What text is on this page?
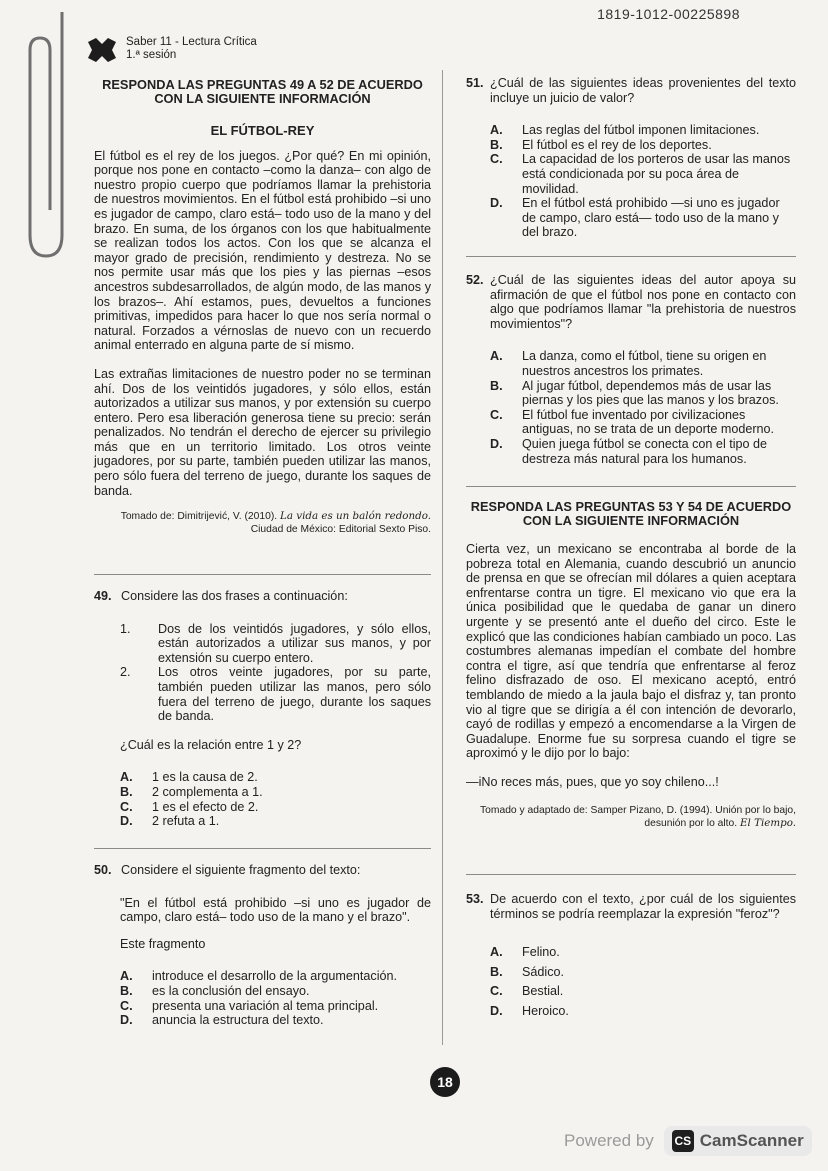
1819-1012-00225898
Saber 11 - Lectura Crítica
1.ª sesión
RESPONDA LAS PREGUNTAS 49 A 52 DE ACUERDO CON LA SIGUIENTE INFORMACIÓN
EL FÚTBOL-REY

El fútbol es el rey de los juegos. ¿Por qué? En mi opinión, porque nos pone en contacto –como la danza– con algo de nuestro propio cuerpo que podríamos llamar la prehistoria de nuestros movimientos. En el fútbol está prohibido –si uno es jugador de campo, claro está– todo uso de la mano y del brazo. En suma, de los órganos con los que habitualmente se realizan todos los actos. Con los que se alcanza el mayor grado de precisión, rendimiento y destreza. No se nos permite usar más que los pies y las piernas –esos ancestros subdesarrollados, de algún modo, de las manos y los brazos–. Ahí estamos, pues, devueltos a funciones primitivas, impedidos para hacer lo que nos sería normal o natural. Forzados a vérnoslas de nuevo con un recuerdo animal enterrado en alguna parte de sí mismo.

Las extrañas limitaciones de nuestro poder no se terminan ahí. Dos de los veintidós jugadores, y sólo ellos, están autorizados a utilizar sus manos, y por extensión su cuerpo entero. Pero esa liberación generosa tiene su precio: serán penalizados. No tendrán el derecho de ejercer su privilegio más que en un territorio limitado. Los otros veinte jugadores, por su parte, también pueden utilizar las manos, pero sólo fuera del terreno de juego, durante los saques de banda.

Tomado de: Dimitrijević, V. (2010). La vida es un balón redondo. Ciudad de México: Editorial Sexto Piso.
49. Considere las dos frases a continuación:
1.	Dos de los veintidós jugadores, y sólo ellos, están autorizados a utilizar sus manos, y por extensión su cuerpo entero.
2.	Los otros veinte jugadores, por su parte, también pueden utilizar las manos, pero sólo fuera del terreno de juego, durante los saques de banda.
¿Cuál es la relación entre 1 y 2?
A.	1 es la causa de 2.
B.	2 complementa a 1.
C.	1 es el efecto de 2.
D.	2 refuta a 1.
50. Considere el siguiente fragmento del texto:

"En el fútbol está prohibido –si uno es jugador de campo, claro está– todo uso de la mano y el brazo".

Este fragmento
A.	introduce el desarrollo de la argumentación.
B.	es la conclusión del ensayo.
C.	presenta una variación al tema principal.
D.	anuncia la estructura del texto.
51. ¿Cuál de las siguientes ideas provenientes del texto incluye un juicio de valor?

A.	Las reglas del fútbol imponen limitaciones.
B.	El fútbol es el rey de los deportes.
C.	La capacidad de los porteros de usar las manos está condicionada por su poca área de movilidad.
D.	En el fútbol está prohibido —si uno es jugador de campo, claro está— todo uso de la mano y del brazo.
52. ¿Cuál de las siguientes ideas del autor apoya su afirmación de que el fútbol nos pone en contacto con algo que podríamos llamar "la prehistoria de nuestros movimientos"?

A.	La danza, como el fútbol, tiene su origen en nuestros ancestros los primates.
B.	Al jugar fútbol, dependemos más de usar las piernas y los pies que las manos y los brazos.
C.	El fútbol fue inventado por civilizaciones antiguas, no se trata de un deporte moderno.
D.	Quien juega fútbol se conecta con el tipo de destreza más natural para los humanos.
RESPONDA LAS PREGUNTAS 53 Y 54 DE ACUERDO CON LA SIGUIENTE INFORMACIÓN

Cierta vez, un mexicano se encontraba al borde de la pobreza total en Alemania, cuando descubrió un anuncio de prensa en que se ofrecían mil dólares a quien aceptara enfrentarse contra un tigre. El mexicano vio que era la única posibilidad que le quedaba de ganar un dinero urgente y se presentó ante el dueño del circo. Este le explicó que las condiciones habían cambiado un poco. Las costumbres alemanas impedían el combate del hombre contra el tigre, así que tendría que enfrentarse al feroz felino disfrazado de oso. El mexicano aceptó, entró temblando de miedo a la jaula bajo el disfraz y, tan pronto vio al tigre que se dirigía a él con intención de devorarlo, cayó de rodillas y empezó a encomendarse a la Virgen de Guadalupe. Enorme fue su sorpresa cuando el tigre se aproximó y le dijo por lo bajo:

—iNo reces más, pues, que yo soy chileno...!

Tomado y adaptado de: Samper Pizano, D. (1994). Unión por lo bajo, desunión por lo alto. El Tiempo.
53. De acuerdo con el texto, ¿por cuál de los siguientes términos se podría reemplazar la expresión "feroz"?

A.	Felino.
B.	Sádico.
C.	Bestial.
D.	Heroico.
18
Powered by CS CamScanner
